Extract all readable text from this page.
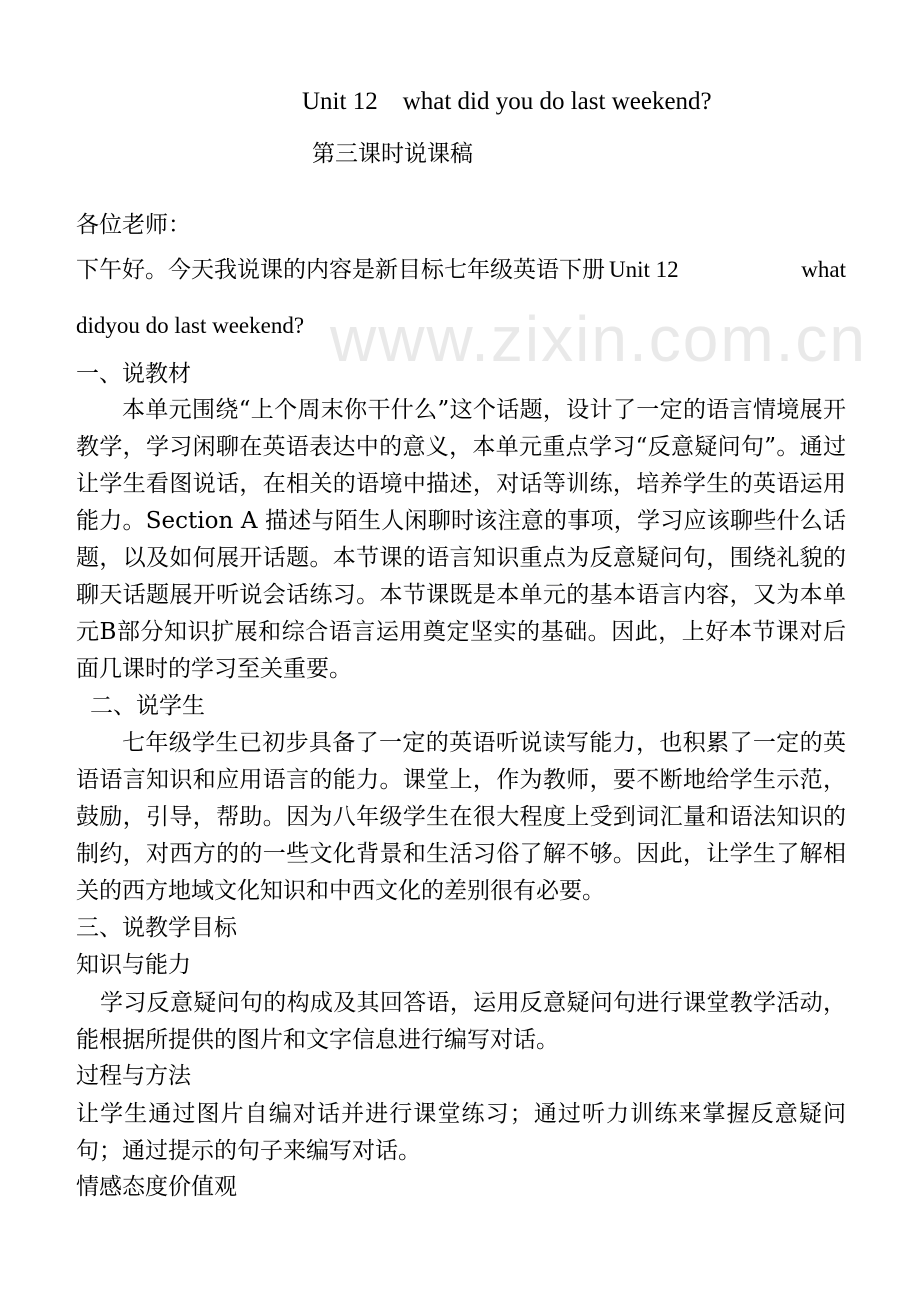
www.zixin.com.cn
Unit 12    what did you do last weekend?
第三课时说课稿
各位老师：
下午好。今天我说课的内容是新目标七年级英语下册 Unit 12	what
didyou do last weekend?
一、说教材
本单元围绕“上个周末你干什么”这个话题，设计了一定的语言情境展开教学，学习闲聊在英语表达中的意义，本单元重点学习“反意疑问句”。通过让学生看图说话，在相关的语境中描述，对话等训练，培养学生的英语运用能力。Section A 描述与陌生人闲聊时该注意的事项，学习应该聊些什么话题，以及如何展开话题。本节课的语言知识重点为反意疑问句，围绕礼貌的聊天话题展开听说会话练习。本节课既是本单元的基本语言内容，又为本单元B部分知识扩展和综合语言运用奠定坚实的基础。因此，上好本节课对后面几课时的学习至关重要。
二、说学生
七年级学生已初步具备了一定的英语听说读写能力，也积累了一定的英语语言知识和应用语言的能力。课堂上，作为教师，要不断地给学生示范，鼓励，引导，帮助。因为八年级学生在很大程度上受到词汇量和语法知识的制约，对西方的的一些文化背景和生活习俗了解不够。因此，让学生了解相关的西方地域文化知识和中西文化的差别很有必要。
三、说教学目标
知识与能力
学习反意疑问句的构成及其回答语，运用反意疑问句进行课堂教学活动，能根据所提供的图片和文字信息进行编写对话。
过程与方法
让学生通过图片自编对话并进行课堂练习；通过听力训练来掌握反意疑问句；通过提示的句子来编写对话。
情感态度价值观
